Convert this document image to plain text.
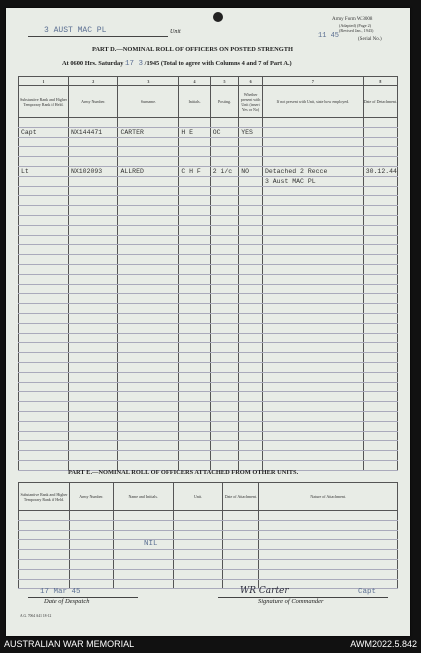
3 AUST MAC PL	Unit
Army Form W.3008
(Adapted) (Page 2)
(Revised Jan., 1943)
11 45	(Serial No.)
PART D.—NOMINAL ROLL OF OFFICERS ON POSTED STRENGTH
At 0600 Hrs. Saturday 17 3 /1945 (Total to agree with Columns 4 and 7 of Part A.)
1	2	3	4	5	6	7	8
Substantive Rank and Higher Temporary Rank if Held.	Army Number.	Surname.	Initials.	Posting.	Whether present with Unit (insert Yes or No)	If not present with Unit, state how employed.	Date of Detachment.

Capt	NX144471	CARTER	H E	OC	YES		

Lt	NX102093	ALLRED	C H F	2 i/c	NO	Detached 2 Recce	30.12.44
						3 Aust MAC PL	

PART E.—NOMINAL ROLL OF OFFICERS ATTACHED FROM OTHER UNITS.
Substantive Rank and Higher Temporary Rank if Held.	Army Number.	Name and Initials.	Unit.	Date of Attachment.	Nature of Attachment.

NIL
17 Mar 45
Date of Despatch
WR Carter	Capt
Signature of Commander
A.G. 7064 A41 18-12
AUSTRALIAN WAR MEMORIAL	AWM2022.5.842
